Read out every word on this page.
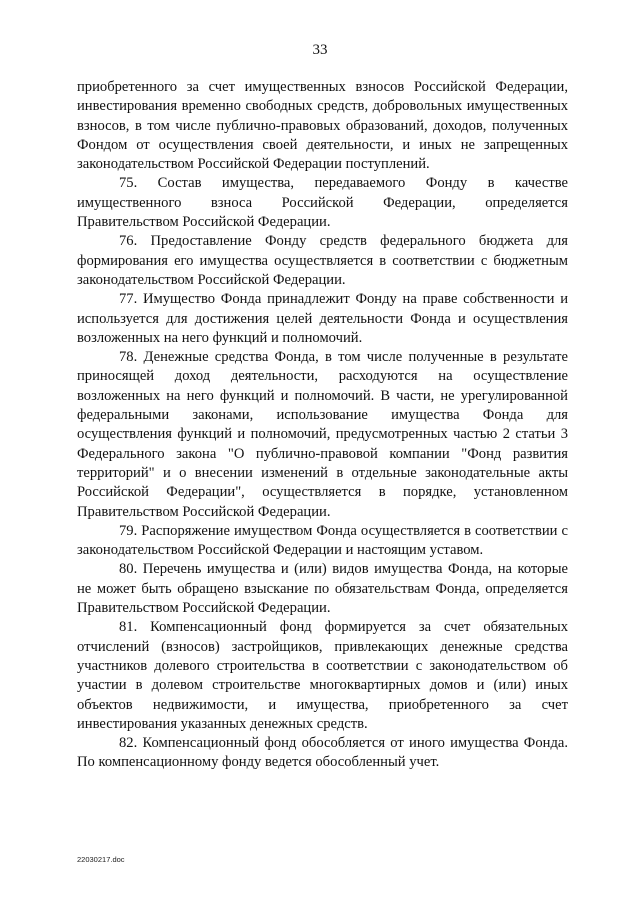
33

приобретенного за счет имущественных взносов Российской Федерации, инвестирования временно свободных средств, добровольных имущественных взносов, в том числе публично-правовых образований, доходов, полученных Фондом от осуществления своей деятельности, и иных не запрещенных законодательством Российской Федерации поступлений.

75. Состав имущества, передаваемого Фонду в качестве имущественного взноса Российской Федерации, определяется Правительством Российской Федерации.

76. Предоставление Фонду средств федерального бюджета для формирования его имущества осуществляется в соответствии с бюджетным законодательством Российской Федерации.

77. Имущество Фонда принадлежит Фонду на праве собственности и используется для достижения целей деятельности Фонда и осуществления возложенных на него функций и полномочий.

78. Денежные средства Фонда, в том числе полученные в результате приносящей доход деятельности, расходуются на осуществление возложенных на него функций и полномочий. В части, не урегулированной федеральными законами, использование имущества Фонда для осуществления функций и полномочий, предусмотренных частью 2 статьи 3 Федерального закона "О публично-правовой компании "Фонд развития территорий" и о внесении изменений в отдельные законодательные акты Российской Федерации", осуществляется в порядке, установленном Правительством Российской Федерации.

79. Распоряжение имуществом Фонда осуществляется в соответствии с законодательством Российской Федерации и настоящим уставом.

80. Перечень имущества и (или) видов имущества Фонда, на которые не может быть обращено взыскание по обязательствам Фонда, определяется Правительством Российской Федерации.

81. Компенсационный фонд формируется за счет обязательных отчислений (взносов) застройщиков, привлекающих денежные средства участников долевого строительства в соответствии с законодательством об участии в долевом строительстве многоквартирных домов и (или) иных объектов недвижимости, и имущества, приобретенного за счет инвестирования указанных денежных средств.

82. Компенсационный фонд обособляется от иного имущества Фонда. По компенсационному фонду ведется обособленный учет.

22030217.doc
